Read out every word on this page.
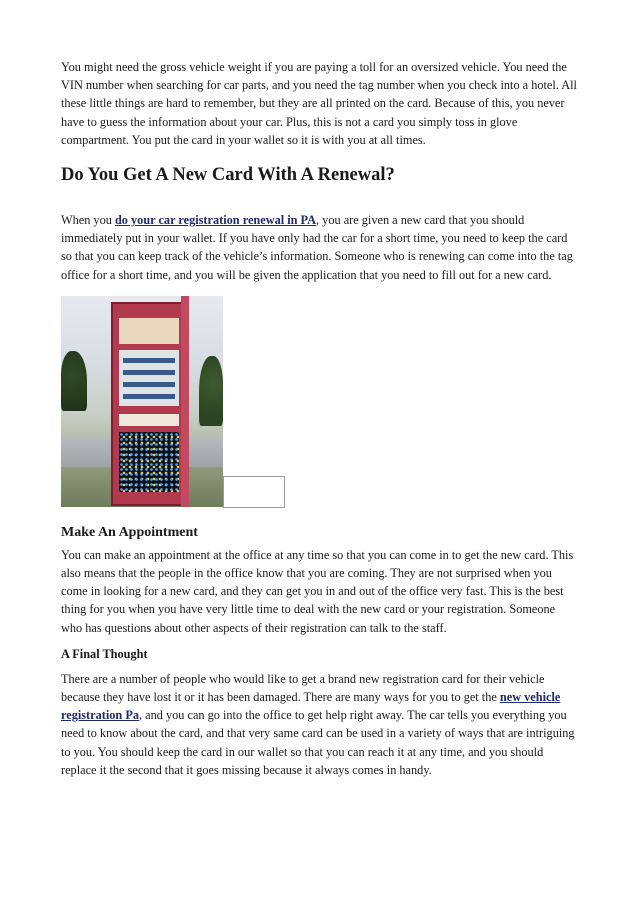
You might need the gross vehicle weight if you are paying a toll for an oversized vehicle. You need the VIN number when searching for car parts, and you need the tag number when you check into a hotel. All these little things are hard to remember, but they are all printed on the card. Because of this, you never have to guess the information about your car. Plus, this is not a card you simply toss in glove compartment. You put the card in your wallet so it is with you at all times.

Do You Get A New Card With A Renewal?

When you do your car registration renewal in PA, you are given a new card that you should immediately put in your wallet. If you have only had the car for a short time, you need to keep the card so that you can keep track of the vehicle’s information. Someone who is renewing can come into the tag office for a short time, and you will be given the application that you need to fill out for a new card.

Make An Appointment

You can make an appointment at the office at any time so that you can come in to get the new card. This also means that the people in the office know that you are coming. They are not surprised when you come in looking for a new card, and they can get you in and out of the office very fast. This is the best thing for you when you have very little time to deal with the new card or your registration. Someone who has questions about other aspects of their registration can talk to the staff.

A Final Thought

There are a number of people who would like to get a brand new registration card for their vehicle because they have lost it or it has been damaged. There are many ways for you to get the new vehicle registration Pa, and you can go into the office to get help right away. The car tells you everything you need to know about the card, and that very same card can be used in a variety of ways that are intriguing to you. You should keep the card in our wallet so that you can reach it at any time, and you should replace it the second that it goes missing because it always comes in handy.
